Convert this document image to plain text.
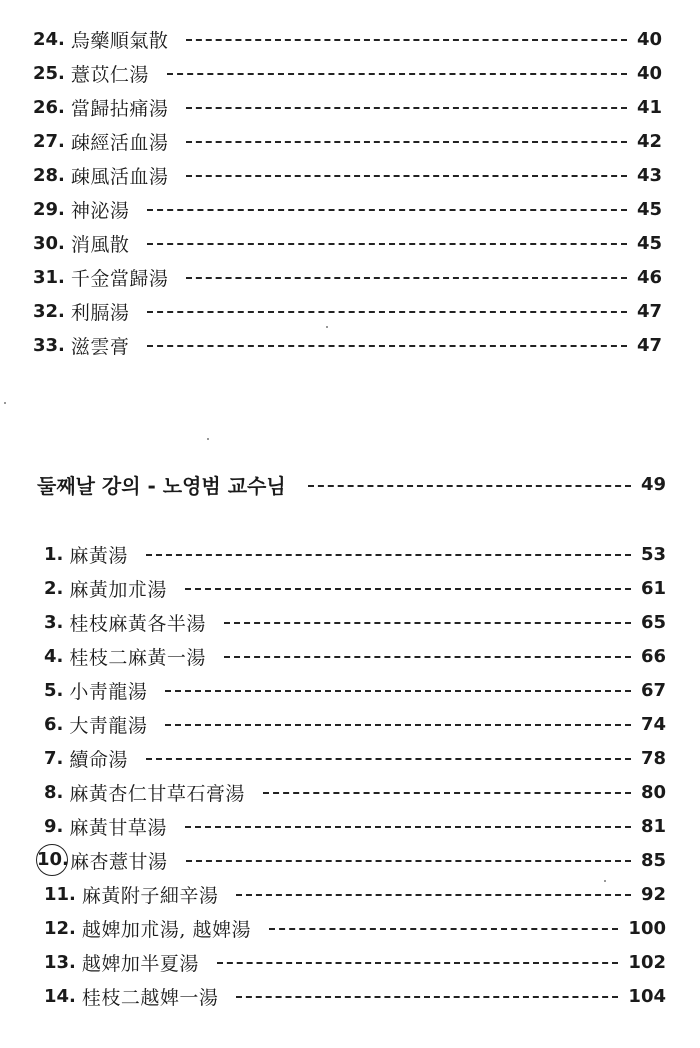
24. 烏藥順氣散	40
25. 薏苡仁湯	40
26. 當歸拈痛湯	41
27. 疎經活血湯	42
28. 疎風活血湯	43
29. 神泌湯	45
30. 消風散	45
31. 千金當歸湯	46
32. 利膈湯	47
33. 滋雲膏	47
둘째날 강의 - 노영범 교수님	49
1. 麻黃湯	53
2. 麻黃加朮湯	61
3. 桂枝麻黃各半湯	65
4. 桂枝二麻黃一湯	66
5. 小靑龍湯	67
6. 大靑龍湯	74
7. 續命湯	78
8. 麻黃杏仁甘草石膏湯	80
9. 麻黃甘草湯	81
10. 麻杏薏甘湯	85
11. 麻黃附子細辛湯	92
12. 越婢加朮湯, 越婢湯	100
13. 越婢加半夏湯	102
14. 桂枝二越婢一湯	104
